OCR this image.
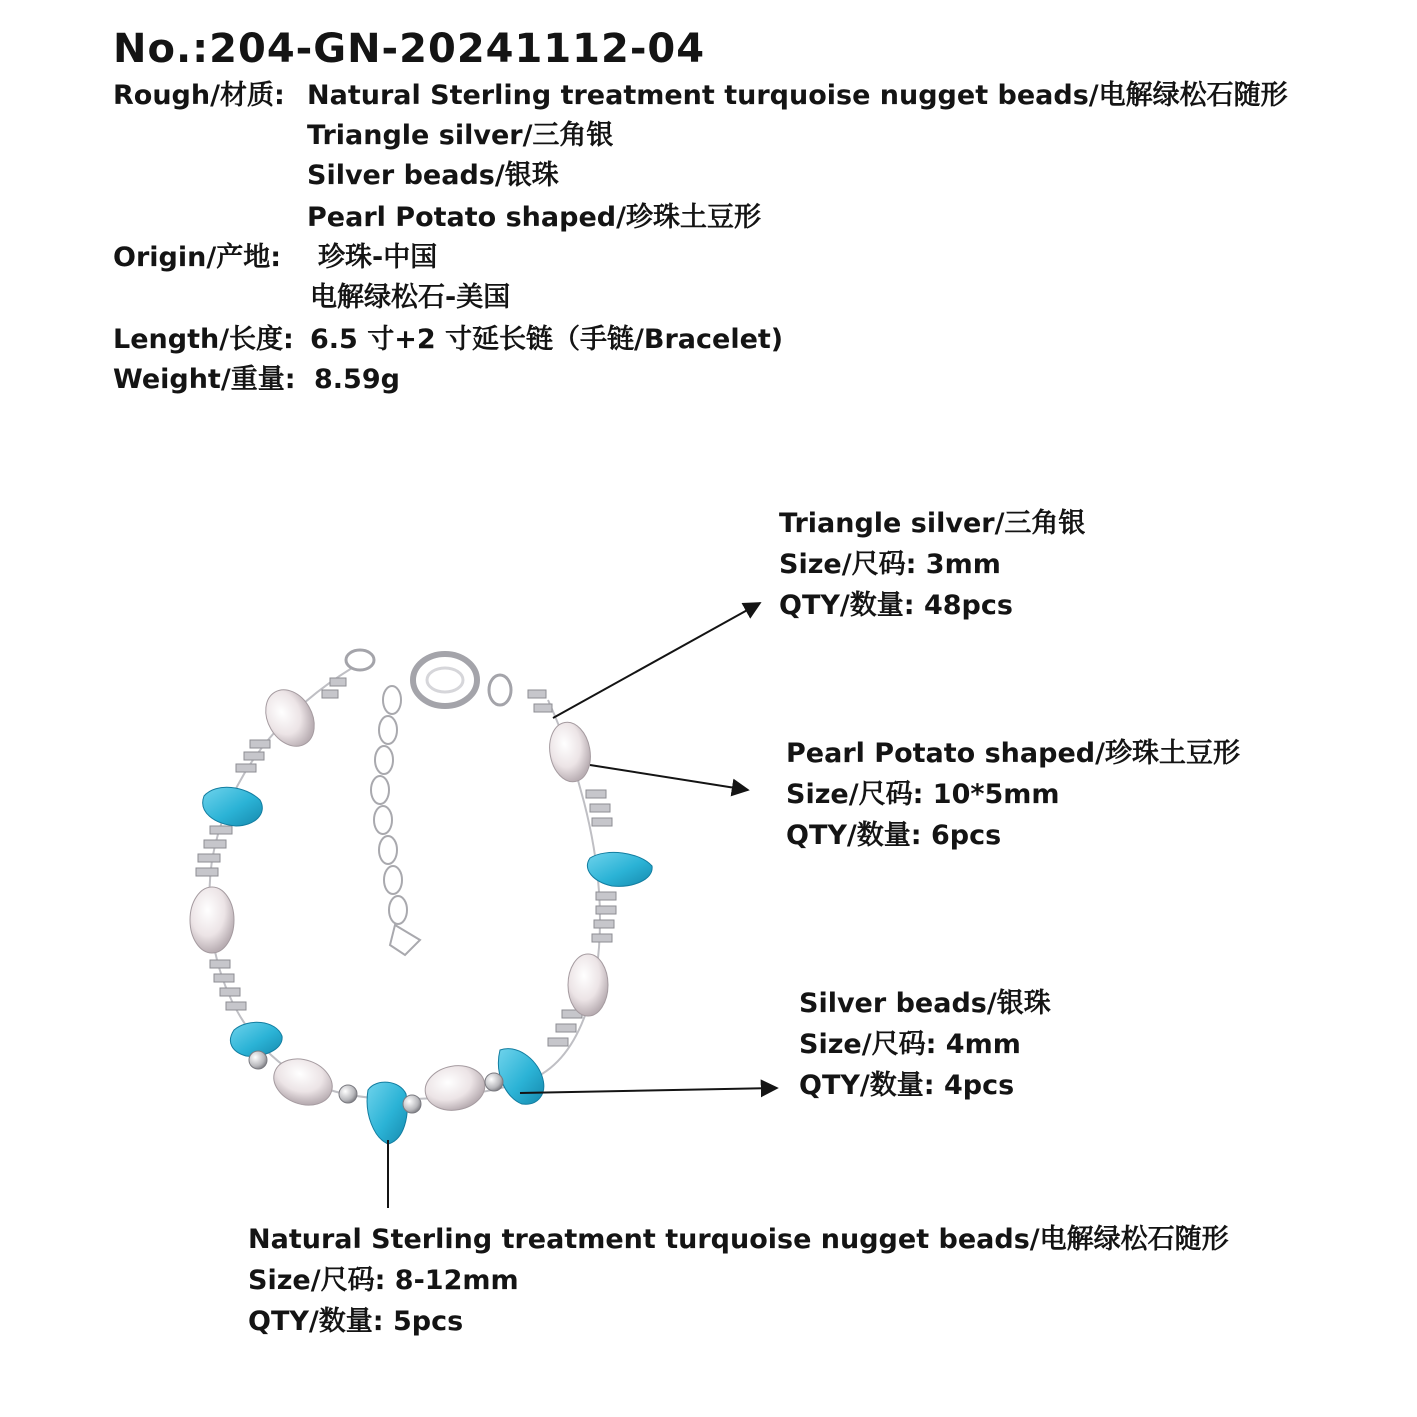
No.:204-GN-20241112-04
Rough/材质: Natural Sterling treatment turquoise nugget beads/电解绿松石随形
Triangle silver/三角银
Silver beads/银珠
Pearl Potato shaped/珍珠土豆形
Origin/产地: 珍珠-中国
电解绿松石-美国
Length/长度: 6.5 寸+2 寸延长链（手链/Bracelet)
Weight/重量: 8.59g
Triangle silver/三角银
Size/尺码: 3mm
QTY/数量: 48pcs
Pearl Potato shaped/珍珠土豆形
Size/尺码: 10*5mm
QTY/数量: 6pcs
Silver beads/银珠
Size/尺码: 4mm
QTY/数量: 4pcs
Natural Sterling treatment turquoise nugget beads/电解绿松石随形
Size/尺码: 8-12mm
QTY/数量: 5pcs
